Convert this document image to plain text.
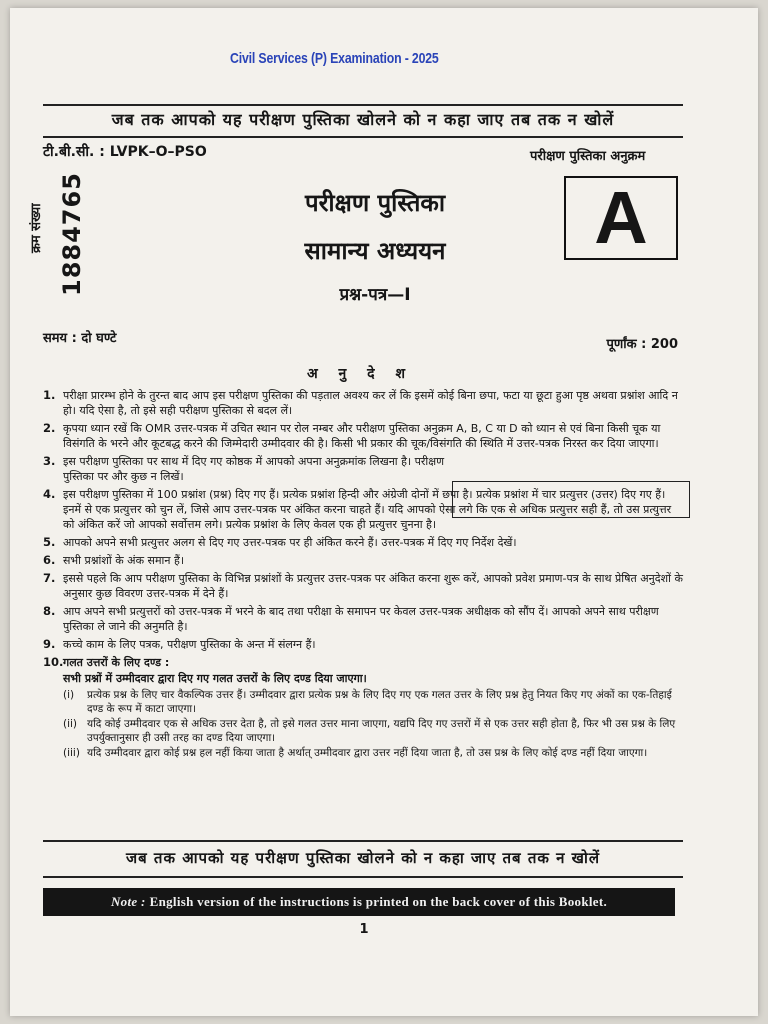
Civil Services (P) Examination - 2025
जब तक आपको यह परीक्षण पुस्तिका खोलने को न कहा जाए तब तक न खोलें
टी.बी.सी. : LVPK–O–PSO	परीक्षण पुस्तिका अनुक्रम
क्रम संख्या 1884765	परीक्षण पुस्तिका
सामान्य अध्ययन
प्रश्न-पत्र—I
A
समय : दो घण्टे	पूर्णांक : 200
अ नु दे श
1. परीक्षा प्रारम्भ होने के तुरन्त बाद आप इस परीक्षण पुस्तिका की पड़ताल अवश्य कर लें कि इसमें कोई बिना छपा, फटा या छूटा हुआ पृष्ठ अथवा प्रश्नांश आदि न हो। यदि ऐसा है, तो इसे सही परीक्षण पुस्तिका से बदल लें।
2. कृपया ध्यान रखें कि OMR उत्तर-पत्रक में उचित स्थान पर रोल नम्बर और परीक्षण पुस्तिका अनुक्रम A, B, C या D को ध्यान से एवं बिना किसी चूक या विसंगति के भरने और कूटबद्ध करने की जिम्मेदारी उम्मीदवार की है। किसी भी प्रकार की चूक/विसंगति की स्थिति में उत्तर-पत्रक निरस्त कर दिया जाएगा।
3. इस परीक्षण पुस्तिका पर साथ में दिए गए कोष्ठक में आपको अपना अनुक्रमांक लिखना है। परीक्षण पुस्तिका पर और कुछ न लिखें।
4. इस परीक्षण पुस्तिका में 100 प्रश्नांश (प्रश्न) दिए गए हैं। प्रत्येक प्रश्नांश हिन्दी और अंग्रेजी दोनों में छपा है। प्रत्येक प्रश्नांश में चार प्रत्युत्तर (उत्तर) दिए गए हैं। इनमें से एक प्रत्युत्तर को चुन लें, जिसे आप उत्तर-पत्रक पर अंकित करना चाहते हैं। यदि आपको ऐसा लगे कि एक से अधिक प्रत्युत्तर सही हैं, तो उस प्रत्युत्तर को अंकित करें जो आपको सर्वोत्तम लगे। प्रत्येक प्रश्नांश के लिए केवल एक ही प्रत्युत्तर चुनना है।
5. आपको अपने सभी प्रत्युत्तर अलग से दिए गए उत्तर-पत्रक पर ही अंकित करने हैं। उत्तर-पत्रक में दिए गए निर्देश देखें।
6. सभी प्रश्नांशों के अंक समान हैं।
7. इससे पहले कि आप परीक्षण पुस्तिका के विभिन्न प्रश्नांशों के प्रत्युत्तर उत्तर-पत्रक पर अंकित करना शुरू करें, आपको प्रवेश प्रमाण-पत्र के साथ प्रेषित अनुदेशों के अनुसार कुछ विवरण उत्तर-पत्रक में देने हैं।
8. आप अपने सभी प्रत्युत्तरों को उत्तर-पत्रक में भरने के बाद तथा परीक्षा के समापन पर केवल उत्तर-पत्रक अधीक्षक को सौंप दें। आपको अपने साथ परीक्षण पुस्तिका ले जाने की अनुमति है।
9. कच्चे काम के लिए पत्रक, परीक्षण पुस्तिका के अन्त में संलग्न हैं।
10. गलत उत्तरों के लिए दण्ड :
सभी प्रश्नों में उम्मीदवार द्वारा दिए गए गलत उत्तरों के लिए दण्ड दिया जाएगा।
(i)	प्रत्येक प्रश्न के लिए चार वैकल्पिक उत्तर हैं। उम्मीदवार द्वारा प्रत्येक प्रश्न के लिए दिए गए एक गलत उत्तर के लिए प्रश्न हेतु नियत किए गए अंकों का एक-तिहाई दण्ड के रूप में काटा जाएगा।
(ii) यदि कोई उम्मीदवार एक से अधिक उत्तर देता है, तो इसे गलत उत्तर माना जाएगा, यद्यपि दिए गए उत्तरों में से एक उत्तर सही होता है, फिर भी उस प्रश्न के लिए उपर्युक्तानुसार ही उसी तरह का दण्ड दिया जाएगा।
(iii) यदि उम्मीदवार द्वारा कोई प्रश्न हल नहीं किया जाता है अर्थात् उम्मीदवार द्वारा उत्तर नहीं दिया जाता है, तो उस प्रश्न के लिए कोई दण्ड नहीं दिया जाएगा।
जब तक आपको यह परीक्षण पुस्तिका खोलने को न कहा जाए तब तक न खोलें
Note : English version of the instructions is printed on the back cover of this Booklet.
1
